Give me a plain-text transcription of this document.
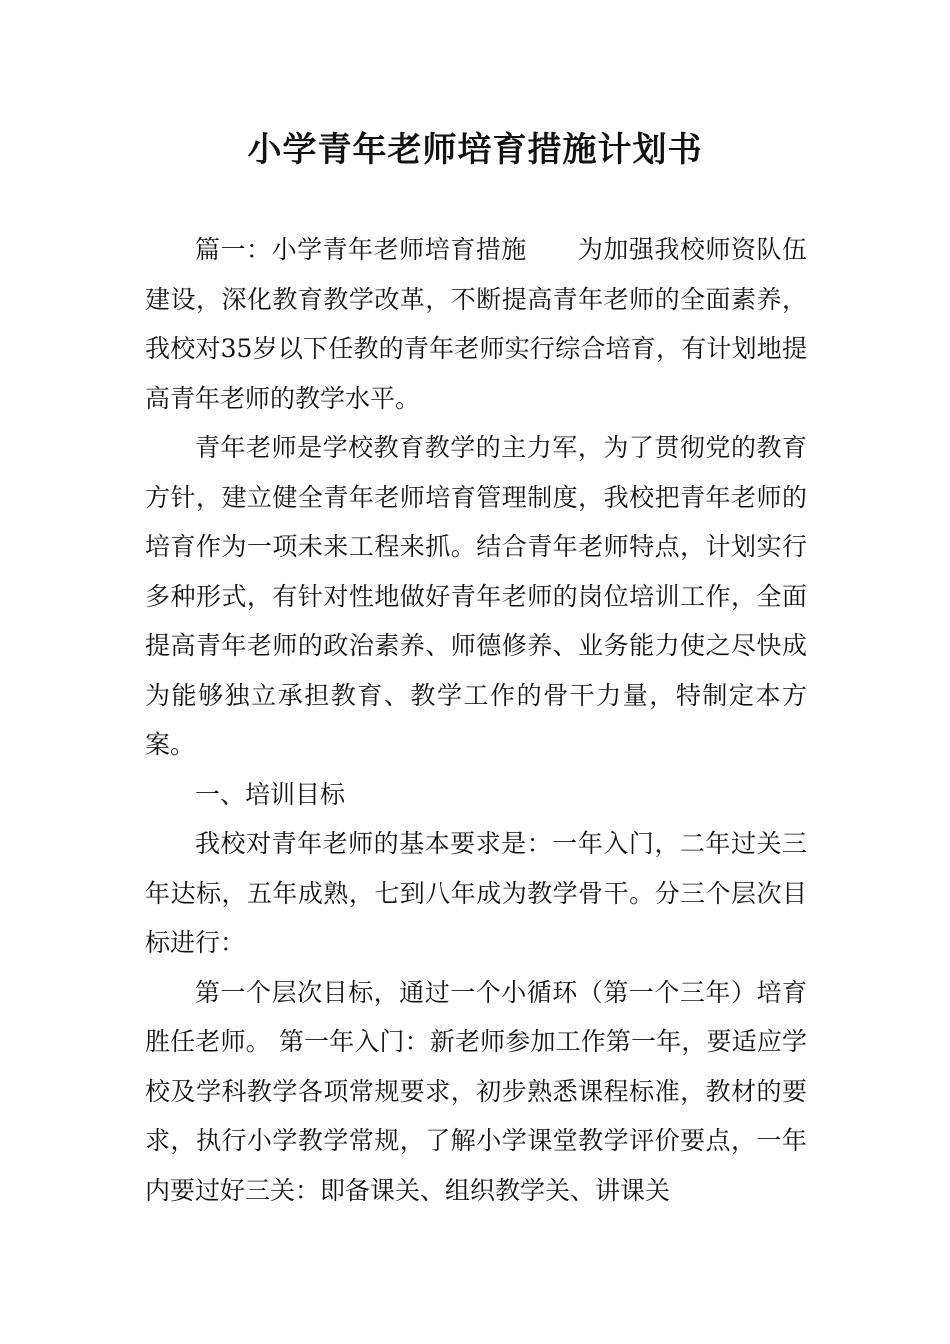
小学青年老师培育措施计划书

篇一：小学青年老师培育措施　　为加强我校师资队伍建设，深化教育教学改革，不断提高青年老师的全面素养，我校对35岁以下任教的青年老师实行综合培育，有计划地提高青年老师的教学水平。

青年老师是学校教育教学的主力军，为了贯彻党的教育方针，建立健全青年老师培育管理制度，我校把青年老师的培育作为一项未来工程来抓。结合青年老师特点，计划实行多种形式，有针对性地做好青年老师的岗位培训工作，全面提高青年老师的政治素养、师德修养、业务能力使之尽快成为能够独立承担教育、教学工作的骨干力量，特制定本方案。

一、培训目标

我校对青年老师的基本要求是：一年入门，二年过关三年达标，五年成熟，七到八年成为教学骨干。分三个层次目标进行：

第一个层次目标，通过一个小循环（第一个三年）培育胜任老师。 第一年入门：新老师参加工作第一年，要适应学校及学科教学各项常规要求，初步熟悉课程标准，教材的要求，执行小学教学常规，了解小学课堂教学评价要点，一年内要过好三关：即备课关、组织教学关、讲课关
